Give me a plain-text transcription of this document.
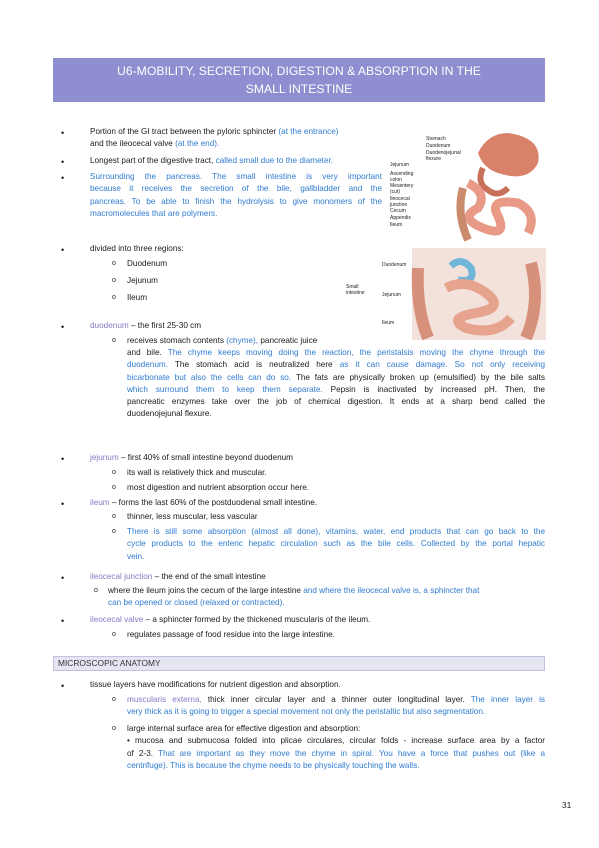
U6-MOBILITY, SECRETION, DIGESTION & ABSORPTION IN THE
SMALL INTESTINE
Stomach
Duodenum
Duodenojejunal flexure
Jejunum
Ascending colon
Mesentery (cut)
Ileocecal junction
Cecum
Appendix
Ileum
Duodenum
Small intestine	Jejunum
Ileum
•	Portion of the GI tract between the pyloric sphincter (at the entrance)
and the ileocecal valve (at the end).
•	Longest part of the digestive tract, called small due to the diameter.
•	Surrounding the pancreas. The small intestine is very important
because it receives the secretion of the bile, gallbladder and the
pancreas. To be able to finish the hydrolysis to give monomers of the
macromolecules that are polymers.
•	divided into three regions:
o Duodenum
o Jejunum
o Ileum
•	duodenum – the first 25-30 cm
o receives stomach contents (chyme), pancreatic juice
and bile. The chyme keeps moving doing the reaction, the peristalsis moving the chyme through the
duodenum. The stomach acid is neutralized here as it can cause damage. So not only receiving
bicarbonate but also the cells can do so. The fats are physically broken up (emulsified) by the bile salts
which surround them to keep them separate. Pepsin is inactivated by increased pH. Then, the
pancreatic enzymes take over the job of chemical digestion. It ends at a sharp bend called the
duodenojejunal flexure.
•	jejunum – first 40% of small intestine beyond duodenum
o its wall is relatively thick and muscular.
o most digestion and nutrient absorption occur here.
•	ileum – forms the last 60% of the postduodenal small intestine.
o thinner, less muscular, less vascular
o There is still some absorption (almost all done), vitamins, water, end products that can go back to the
cycle products to the enteric hepatic circulation such as the bile cells. Collected by the portal hepatic
vein.
•	ileocecal junction – the end of the small intestine
o where the ileum joins the cecum of the large intestine and where the ileocecal valve is, a sphincter that
can be opened or closed (relaxed or contracted).
•	ileocecal valve – a sphincter formed by the thickened muscularis of the ileum.
o regulates passage of food residue into the large intestine.
MICROSCOPIC ANATOMY
•	tissue layers have modifications for nutrient digestion and absorption.
o muscularis externa, thick inner circular layer and a thinner outer longitudinal layer. The inner layer is
very thick as it is going to trigger a special movement not only the peristaltic but also segmentation.
o large internal surface area for effective digestion and absorption:
• mucosa and submucosa folded into plicae circulares, circular folds - increase surface area by a factor
of 2-3. That are important as they move the chyme in spiral. You have a force that pushes out (like a
centrifuge). This is because the chyme needs to be physically touching the walls.
31
